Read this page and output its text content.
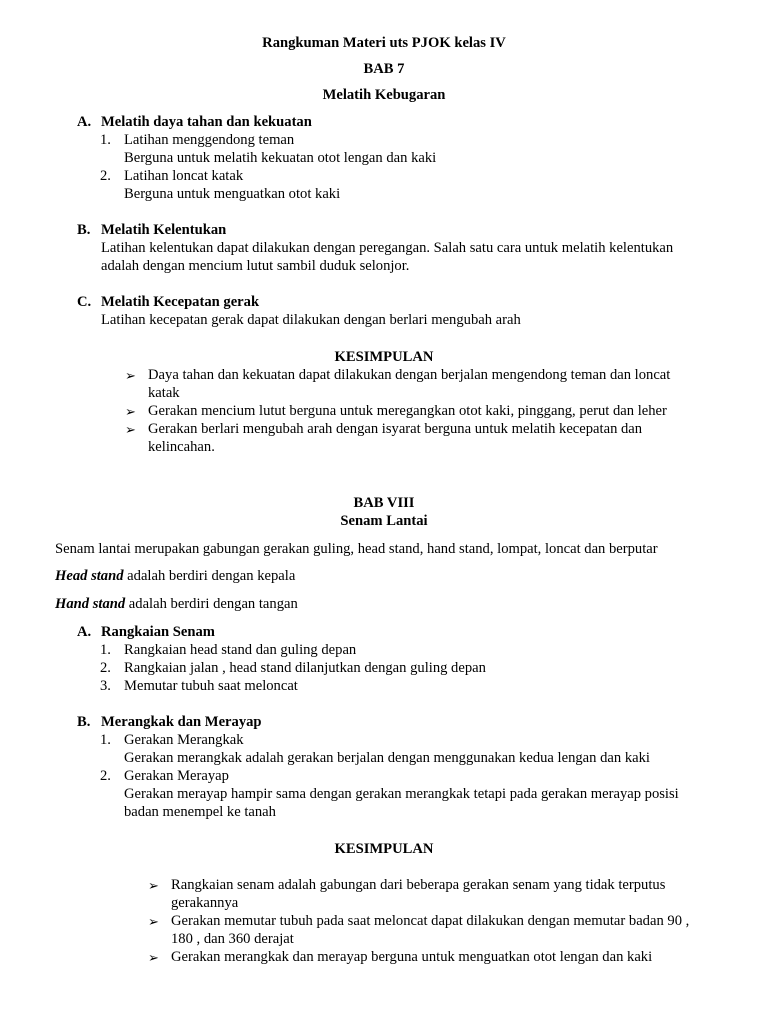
Rangkuman Materi uts PJOK kelas IV

BAB 7

Melatih Kebugaran

A. Melatih daya tahan dan kekuatan

1. Latihan menggendong teman

Berguna untuk melatih kekuatan otot lengan dan kaki

2. Latihan loncat katak

Berguna untuk menguatkan otot kaki

B. Melatih Kelentukan

Latihan kelentukan dapat dilakukan dengan peregangan. Salah satu cara untuk melatih kelentukan

adalah dengan mencium lutut sambil duduk selonjor.

C. Melatih Kecepatan gerak

Latihan kecepatan gerak dapat dilakukan dengan berlari mengubah arah

KESIMPULAN

➢ Daya tahan dan kekuatan dapat dilakukan dengan berjalan mengendong teman dan loncat

katak

➢ Gerakan mencium lutut berguna untuk meregangkan otot kaki, pinggang, perut dan leher

➢ Gerakan berlari mengubah arah dengan isyarat berguna untuk melatih kecepatan dan

kelincahan.

BAB VIII

Senam Lantai

Senam lantai merupakan gabungan gerakan guling, head stand, hand stand, lompat, loncat dan berputar

Head stand adalah berdiri dengan kepala

Hand stand adalah berdiri dengan tangan

A. Rangkaian Senam

1. Rangkaian head stand dan guling depan

2. Rangkaian jalan , head stand dilanjutkan dengan guling depan

3. Memutar tubuh saat meloncat

B. Merangkak dan Merayap

1. Gerakan Merangkak

Gerakan merangkak adalah gerakan berjalan dengan menggunakan kedua lengan dan kaki

2. Gerakan Merayap

Gerakan merayap hampir sama dengan gerakan merangkak tetapi pada gerakan merayap posisi

badan menempel ke tanah

KESIMPULAN

➢ Rangkaian senam adalah gabungan dari beberapa gerakan senam yang tidak terputus

gerakannya

➢ Gerakan memutar tubuh pada saat meloncat dapat dilakukan dengan memutar badan 90 ,

180 , dan 360 derajat

➢ Gerakan merangkak dan merayap berguna untuk menguatkan otot lengan dan kaki
